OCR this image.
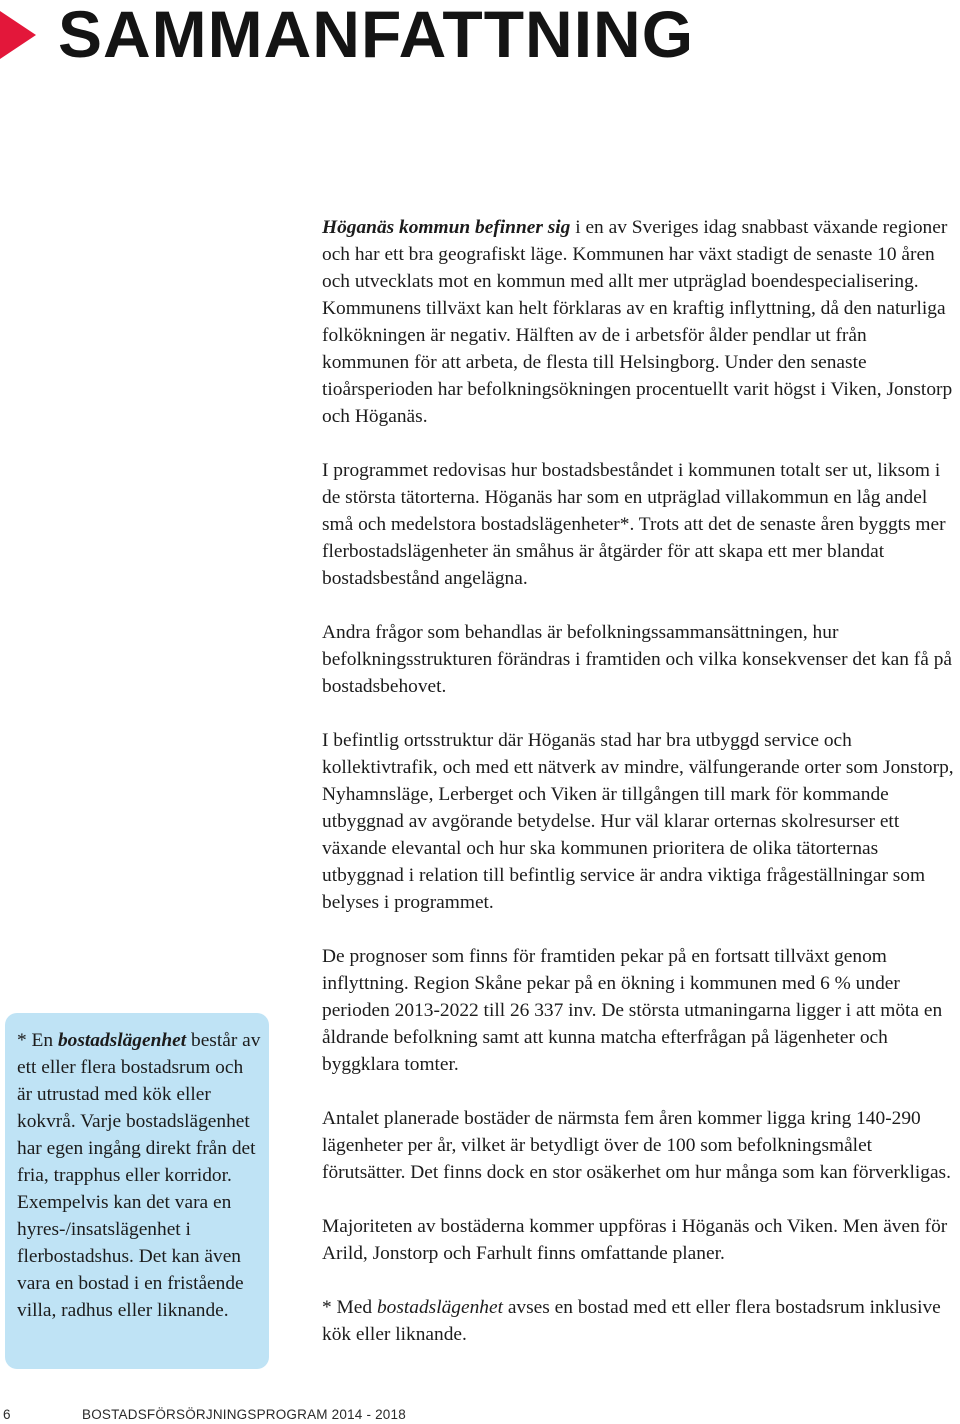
SAMMANFATTNING

Höganäs kommun befinner sig i en av Sveriges idag snabbast växande regioner och har ett bra geografiskt läge. Kommunen har växt stadigt de senaste 10 åren och utvecklats mot en kommun med allt mer utpräglad boendespecialisering. Kommunens tillväxt kan helt förklaras av en kraftig inflyttning, då den naturliga folkökningen är negativ. Hälften av de i arbetsför ålder pendlar ut från kommunen för att arbeta, de flesta till Helsingborg. Under den senaste tioårsperioden har befolkningsökningen procentuellt varit högst i Viken, Jonstorp och Höganäs.

I programmet redovisas hur bostadsbeståndet i kommunen totalt ser ut, liksom i de största tätorterna. Höganäs har som en utpräglad villakommun en låg andel små och medelstora bostadslägenheter*. Trots att det de senaste åren byggts mer flerbostadslägenheter än småhus är åtgärder för att skapa ett mer blandat bostadsbestånd angelägna.

Andra frågor som behandlas är befolkningssammansättningen, hur befolkningsstrukturen förändras i framtiden och vilka konsekvenser det kan få på bostadsbehovet.

I befintlig ortsstruktur där Höganäs stad har bra utbyggd service och kollektivtrafik, och med ett nätverk av mindre, välfungerande orter som Jonstorp, Nyhamnsläge, Lerberget och Viken är tillgången till mark för kommande utbyggnad av avgörande betydelse. Hur väl klarar orternas skolresurser ett växande elevantal och hur ska kommunen prioritera de olika tätorternas utbyggnad i relation till befintlig service är andra viktiga frågeställningar som belyses i programmet.

De prognoser som finns för framtiden pekar på en fortsatt tillväxt genom inflyttning. Region Skåne pekar på en ökning i kommunen med 6 % under perioden 2013-2022 till 26 337 inv. De största utmaningarna ligger i att möta en åldrande befolkning samt att kunna matcha efterfrågan på lägenheter och byggklara tomter.

Antalet planerade bostäder de närmsta fem åren kommer ligga kring 140-290 lägenheter per år, vilket är betydligt över de 100 som befolkningsmålet förutsätter. Det finns dock en stor osäkerhet om hur många som kan förverkligas.

Majoriteten av bostäderna kommer uppföras i Höganäs och Viken. Men även för Arild, Jonstorp och Farhult finns omfattande planer.

* Med bostadslägenhet avses en bostad med ett eller flera bostadsrum inklusive kök eller liknande.

* En bostadslägenhet består av ett eller flera bostadsrum och är utrustad med kök eller kokvrå. Varje bostadslägenhet har egen ingång direkt från det fria, trapphus eller korridor. Exempelvis kan det vara en hyres-/insatslägenhet i flerbostadshus. Det kan även vara en bostad i en fristående villa, radhus eller liknande.

6	BOSTADSFÖRSÖRJNINGSPROGRAM 2014 - 2018
